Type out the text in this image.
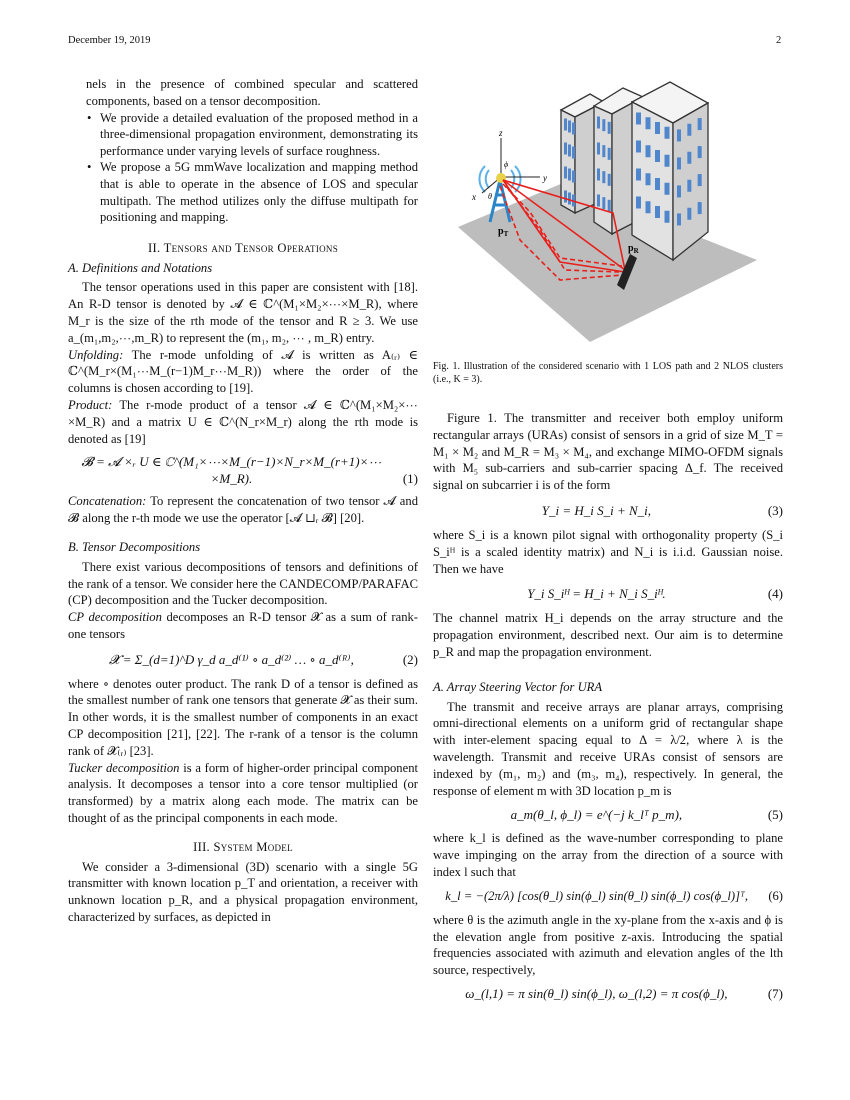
December 19, 2019	2
nels in the presence of combined specular and scattered components, based on a tensor decomposition.
• We provide a detailed evaluation of the proposed method in a three-dimensional propagation environment, demonstrating its performance under varying levels of surface roughness.
• We propose a 5G mmWave localization and mapping method that is able to operate in the absence of LOS and specular multipath. The method utilizes only the diffuse multipath for positioning and mapping.
II. Tensors and Tensor Operations
A. Definitions and Notations
The tensor operations used in this paper are consistent with [18]. An R-D tensor is denoted by 𝓐 ∈ ℂ^(M₁×M₂×⋯×M_R), where M_r is the size of the rth mode of the tensor and R ≥ 3. We use a_(m₁,m₂,⋯,m_R) to represent the (m₁, m₂, ⋯ , m_R) entry.
Unfolding: The r-mode unfolding of 𝓐 is written as A₍ᵣ₎ ∈ ℂ^(M_r×(M₁⋯M_(r−1)M_r⋯M_R)) where the order of the columns is chosen according to [19].
Product: The r-mode product of a tensor 𝓐 ∈ ℂ^(M₁×M₂×⋯×M_R) and a matrix U ∈ ℂ^(N_r×M_r) along the rth mode is denoted as [19]
𝓑 = 𝓐 ×ᵣ U ∈ ℂ^(M₁×⋯×M_(r−1)×N_r×M_(r+1)×⋯×M_R).	(1)
Concatenation: To represent the concatenation of two tensor 𝓐 and 𝓑 along the r-th mode we use the operator [𝓐 ⊔ᵣ 𝓑] [20].
B. Tensor Decompositions
There exist various decompositions of tensors and definitions of the rank of a tensor. We consider here the CANDECOMP/PARAFAC (CP) decomposition and the Tucker decomposition.
CP decomposition decomposes an R-D tensor 𝓧 as a sum of rank-one tensors
𝓧 = Σ_(d=1)^D γ_d a_d⁽¹⁾ ∘ a_d⁽²⁾ … ∘ a_d⁽ᴿ⁾,	(2)
where ∘ denotes outer product. The rank D of a tensor is defined as the smallest number of rank one tensors that generate 𝓧 as their sum. In other words, it is the smallest number of components in an exact CP decomposition [21], [22]. The r-rank of a tensor is the column rank of 𝓧₍ᵣ₎ [23].
Tucker decomposition is a form of higher-order principal component analysis. It decomposes a tensor into a core tensor multiplied (or transformed) by a matrix along each mode. The matrix can be thought of as the principal components in each mode.
III. System Model
We consider a 3-dimensional (3D) scenario with a single 5G transmitter with known location p_T and orientation, a receiver with unknown location p_R, and a physical propagation environment, characterized by surfaces, as depicted in
z
y
x
ϕ
θ
$p_T$
$p_R$
Fig. 1. Illustration of the considered scenario with 1 LOS path and 2 NLOS clusters (i.e., K = 3).
Figure 1. The transmitter and receiver both employ uniform rectangular arrays (URAs) consist of sensors in a grid of size M_T = M₁ × M₂ and M_R = M₃ × M₄, and exchange MIMO-OFDM signals with M₅ sub-carriers and sub-carrier spacing Δ_f. The received signal on subcarrier i is of the form
Y_i = H_i S_i + N_i,	(3)
where S_i is a known pilot signal with orthogonality property (S_i S_iᴴ is a scaled identity matrix) and N_i is i.i.d. Gaussian noise. Then we have
Y_i S_iᴴ = H_i + N_i S_iᴴ.	(4)
The channel matrix H_i depends on the array structure and the propagation environment, described next. Our aim is to determine p_R and map the propagation environment.
A. Array Steering Vector for URA
The transmit and receive arrays are planar arrays, comprising omni-directional elements on a uniform grid of rectangular shape with inter-element spacing equal to Δ = λ/2, where λ is the wavelength. Transmit and receive URAs consist of sensors are indexed by (m₁, m₂) and (m₃, m₄), respectively. In general, the response of element m with 3D location p_m is
a_m(θ_l, ϕ_l) = e^(−j k_lᵀ p_m),	(5)
where k_l is defined as the wave-number corresponding to plane wave impinging on the array from the direction of a source with index l such that
k_l = −(2π/λ) [cos(θ_l) sin(ϕ_l) sin(θ_l) sin(ϕ_l) cos(ϕ_l)]ᵀ,	(6)
where θ is the azimuth angle in the xy-plane from the x-axis and ϕ is the elevation angle from positive z-axis. Introducing the spatial frequencies associated with azimuth and elevation angles of the lth source, respectively,
ω_(l,1) = π sin(θ_l) sin(ϕ_l), ω_(l,2) = π cos(ϕ_l),	(7)
